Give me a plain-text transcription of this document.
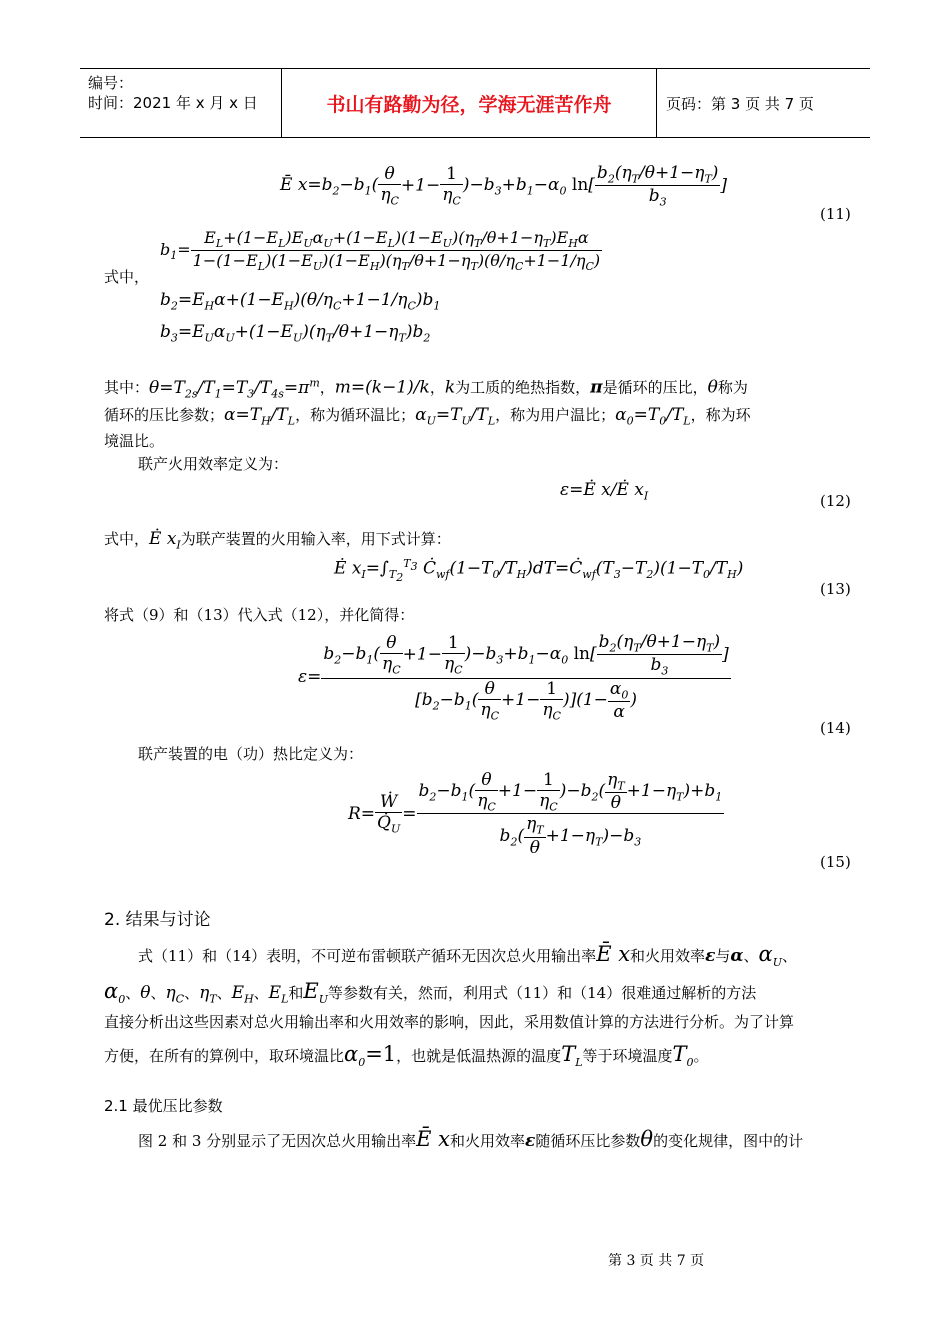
编号：
时间：2021 年 x 月 x 日	书山有路勤为径，学海无涯苦作舟	页码：第 3 页 共 7 页
Ē $x=b_2-b_1( \frac{\theta}{\eta_C} +1- \frac{1}{\eta_C} )-b_3+b_1-\alpha_0$ $\ln[ \frac{b_2(\eta_T/\theta+1-\eta_T)}{b_3}$ ]
(11)
式中，
$b_1= \frac{E_L+(1-E_L)E_U\alpha_U+(1-E_L)(1-E_U)(\eta_T/\theta+1-\eta_T)E_H\alpha}{1-(1-E_L)(1-E_U)(1-E_H)(\eta_T/\theta+1-\eta_T)(\theta/\eta_C+1-1/\eta_C)}$
$b_2=E_H\alpha+(1-E_H)(\theta/\eta_C+1-1/\eta_C)b_1$
$b_3=E_U\alpha_U+(1-E_U)(\eta_T/\theta+1-\eta_T)b_2$
其中：$\theta=T_{2s}/T_1=T_3/T_{4s}=\pi^m$，m=(k−1)/k，k为工质的绝热指数，π是循环的压比，θ称为
循环的压比参数；$\alpha=T_H/T_L$，称为循环温比；$\alpha_U=T_U/T_L$，称为用户温比；$\alpha_0=T_0/T_L$，称为环
境温比。
联产火用效率定义为：
ε=Ė x/Ė $x_I$	(12)
式中，Ė $x_I$为联产装置的火用输入率，用下式计算：
Ė $x_I=\int_{T_2}^{T_3}$ $Ċ_{wf}(1-T_0/T_H)dT=Ċ_{wf}(T_3-T_2)(1-T_0/T_H)$
(13)
将式（9）和（13）代入式（12），并化简得：
$\varepsilon= \frac{b_2-b_1( \frac{\theta}{\eta_C} +1- \frac{1}{\eta_C} )-b_3+b_1-\alpha_0 \ln[ \frac{b_2(\eta_T/\theta+1-\eta_T)}{b_3} ]}{[b_2-b_1( \frac{\theta}{\eta_C} +1- \frac{1}{\eta_C} )](1- \frac{\alpha_0}{\alpha} )}$
(14)
联产装置的电（功）热比定义为：
$R= \frac{\text{Ẇ}}{Q̇_U} = \frac{b_2-b_1( \frac{\theta}{\eta_C} +1- \frac{1}{\eta_C} )-b_2( \frac{\eta_T}{\theta} +1-\eta_T)+b_1}{b_2( \frac{\eta_T}{\theta} +1-\eta_T)-b_3}$
(15)
2. 结果与讨论
式（11）和（14）表明，不可逆布雷顿联产循环无因次总火用输出率Ē x和火用效率ε与α、$\alpha_U$、
$\alpha_0$、θ、$\eta_C$、$\eta_T$、$E_H$、$E_L$和$E_U$等参数有关，然而，利用式（11）和（14）很难通过解析的方法
直接分析出这些因素对总火用输出率和火用效率的影响，因此，采用数值计算的方法进行分析。为了计算
方便，在所有的算例中，取环境温比$\alpha_0=1$，也就是低温热源的温度$T_L$等于环境温度$T_0$。
2.1 最优压比参数
图 2 和 3 分别显示了无因次总火用输出率Ē x和火用效率ε随循环压比参数θ的变化规律，图中的计
第 3 页 共 7 页
